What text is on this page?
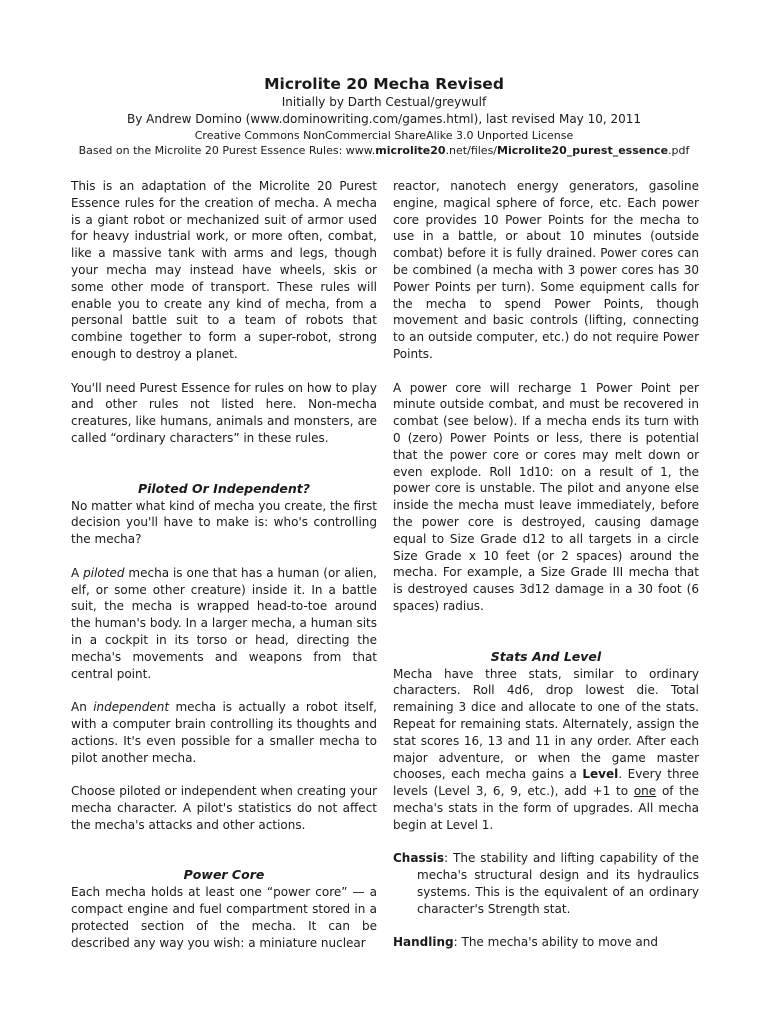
Microlite 20 Mecha Revised
Initially by Darth Cestual/greywulf
By Andrew Domino (www.dominowriting.com/games.html), last revised May 10, 2011
Creative Commons NonCommercial ShareAlike 3.0 Unported License
Based on the Microlite 20 Purest Essence Rules: www.microlite20.net/files/Microlite20_purest_essence.pdf

This is an adaptation of the Microlite 20 Purest Essence rules for the creation of mecha. A mecha is a giant robot or mechanized suit of armor used for heavy industrial work, or more often, combat, like a massive tank with arms and legs, though your mecha may instead have wheels, skis or some other mode of transport. These rules will enable you to create any kind of mecha, from a personal battle suit to a team of robots that combine together to form a super-robot, strong enough to destroy a planet.

You'll need Purest Essence for rules on how to play and other rules not listed here. Non-mecha creatures, like humans, animals and monsters, are called “ordinary characters” in these rules.

Piloted Or Independent?

No matter what kind of mecha you create, the first decision you'll have to make is: who's controlling the mecha?

A piloted mecha is one that has a human (or alien, elf, or some other creature) inside it. In a battle suit, the mecha is wrapped head-to-toe around the human's body. In a larger mecha, a human sits in a cockpit in its torso or head, directing the mecha's movements and weapons from that central point.

An independent mecha is actually a robot itself, with a computer brain controlling its thoughts and actions. It's even possible for a smaller mecha to pilot another mecha.

Choose piloted or independent when creating your mecha character. A pilot's statistics do not affect the mecha's attacks and other actions.

Power Core

Each mecha holds at least one “power core” — a compact engine and fuel compartment stored in a protected section of the mecha. It can be described any way you wish: a miniature nuclear

reactor, nanotech energy generators, gasoline engine, magical sphere of force, etc. Each power core provides 10 Power Points for the mecha to use in a battle, or about 10 minutes (outside combat) before it is fully drained. Power cores can be combined (a mecha with 3 power cores has 30 Power Points per turn). Some equipment calls for the mecha to spend Power Points, though movement and basic controls (lifting, connecting to an outside computer, etc.) do not require Power Points.

A power core will recharge 1 Power Point per minute outside combat, and must be recovered in combat (see below). If a mecha ends its turn with 0 (zero) Power Points or less, there is potential that the power core or cores may melt down or even explode. Roll 1d10: on a result of 1, the power core is unstable. The pilot and anyone else inside the mecha must leave immediately, before the power core is destroyed, causing damage equal to Size Grade d12 to all targets in a circle Size Grade x 10 feet (or 2 spaces) around the mecha. For example, a Size Grade III mecha that is destroyed causes 3d12 damage in a 30 foot (6 spaces) radius.

Stats And Level

Mecha have three stats, similar to ordinary characters. Roll 4d6, drop lowest die. Total remaining 3 dice and allocate to one of the stats. Repeat for remaining stats. Alternately, assign the stat scores 16, 13 and 11 in any order. After each major adventure, or when the game master chooses, each mecha gains a Level. Every three levels (Level 3, 6, 9, etc.), add +1 to one of the mecha's stats in the form of upgrades. All mecha begin at Level 1.

Chassis: The stability and lifting capability of the mecha's structural design and its hydraulics systems. This is the equivalent of an ordinary character's Strength stat.

Handling: The mecha's ability to move and
